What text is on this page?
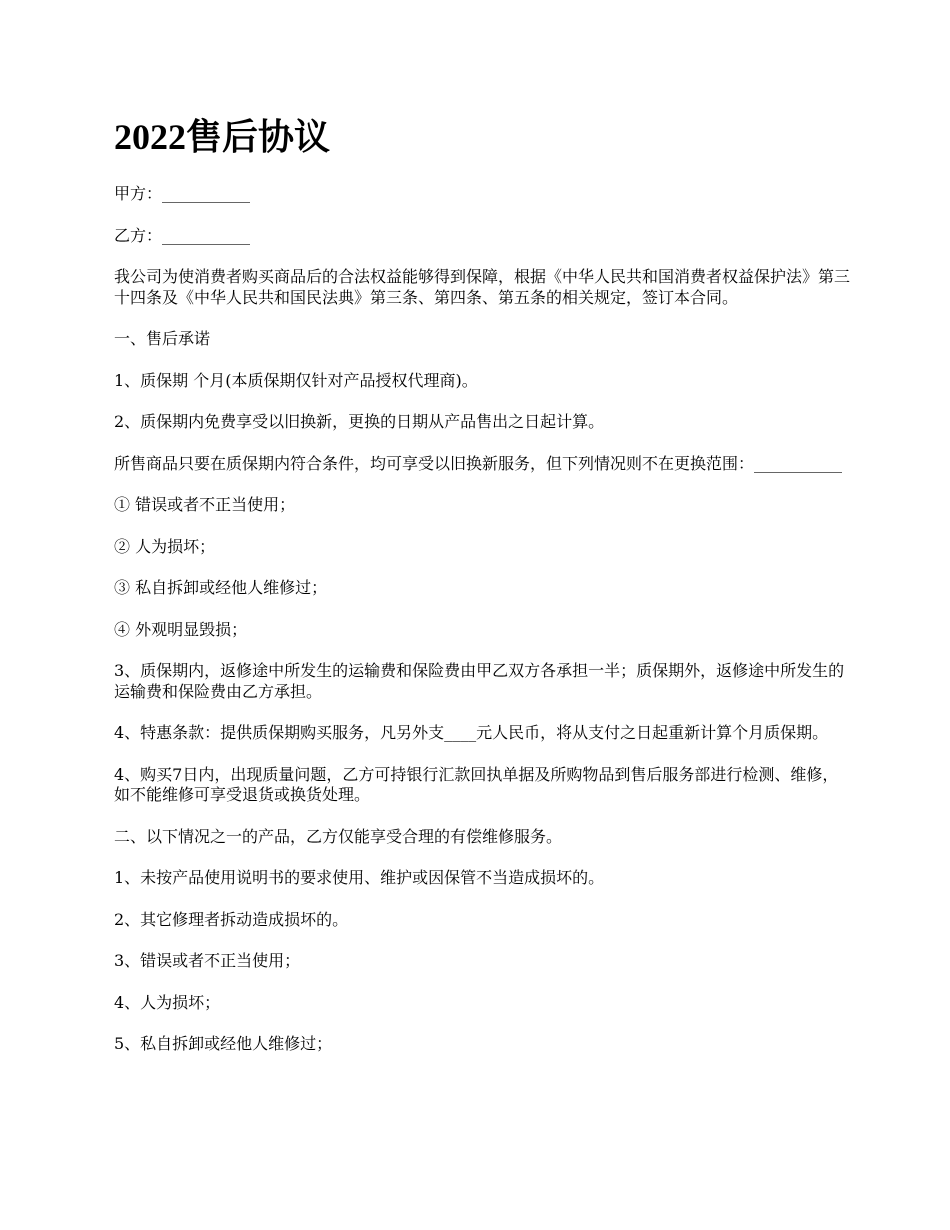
2022售后协议

甲方：___________

乙方：___________

我公司为使消费者购买商品后的合法权益能够得到保障，根据《中华人民共和国消费者权益保护法》第三十四条及《中华人民共和国民法典》第三条、第四条、第五条的相关规定，签订本合同。

一、售后承诺

1、质保期 个月(本质保期仅针对产品授权代理商)。

2、质保期内免费享受以旧换新，更换的日期从产品售出之日起计算。

所售商品只要在质保期内符合条件，均可享受以旧换新服务，但下列情况则不在更换范围：___________

① 错误或者不正当使用；

② 人为损坏；

③ 私自拆卸或经他人维修过；

④ 外观明显毁损；

3、质保期内，返修途中所发生的运输费和保险费由甲乙双方各承担一半；质保期外，返修途中所发生的运输费和保险费由乙方承担。

4、特惠条款：提供质保期购买服务，凡另外支____元人民币，将从支付之日起重新计算个月质保期。

4、购买7日内，出现质量问题，乙方可持银行汇款回执单据及所购物品到售后服务部进行检测、维修，如不能维修可享受退货或换货处理。

二、以下情况之一的产品，乙方仅能享受合理的有偿维修服务。

1、未按产品使用说明书的要求使用、维护或因保管不当造成损坏的。

2、其它修理者拆动造成损坏的。

3、错误或者不正当使用；

4、人为损坏；

5、私自拆卸或经他人维修过；
